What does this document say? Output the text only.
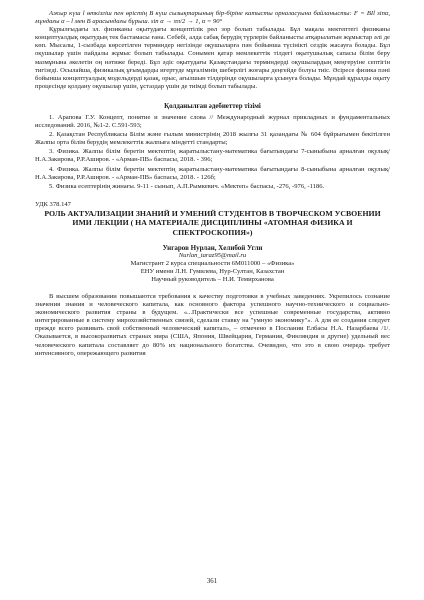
Ажыр күш l өткізгіш пен өрістің B күш сызықтарының бір-біріне катысты орналасуына байланысты: F = BIl sinα, мұндағы α – l мен B арасындағы бұрыш. sin α → ππ/2 → 1, α = 90°

Құрылғыдағы эл. физиканы оқытудағы концептілік рөл зор болып табылады. Бұл мақала мектептегі физиканы концептуалдық оқытудың тек бастамасы ғана. Себебі, алда сабақ берудің түрлерін байланысты атқарылатын жұмыстар әлі де көп. Мысалы, 1-сызбада көрсетілген терминдер негізінде оқушыларға пән бойынша түсінікті сездік жасауға болады. Бұл оқушылар үшін пайдалы жұмыс болып табылады. Сонымен қатар мемлекеттік тілдегі оқытушылық сапасы білім беру мазмұнына әкелетін оң нәтиже береді. Бұл әдіс оқытудағы Қазақстандағы терминдерді оқушылардың меңгеруіне септігін тигізеді. Осылайша, физикалық ұғымдарды игертуде мұғалімнің шеберлігі жоғары деңгейде болуы тиіс. Әсіресе физика пәні бойынша концептуалдық модельдерді қазақ, орыс, ағылшын тілдерінде оқушыларға ұсынуға болады. Мұндай құралды оқыту процесінде қолдану оқушылар үшін, ұстаздар үшін де тиімді болып табылады.

Қолданылған әдебиеттер тізімі

1. Арапова Г.У. Концепт, понятие и значение слова // Международный журнал прикладных и фундаментальных исследований. 2016, №1-2. С.591-593;

2. Қазақстан Республикасы Білім және ғылым министрінің 2018 жылғы 31 қазандағы № 604 бұйрығымен бекітілген Жалпы орта білім берудің мемлекеттік жалпыға міндетті стандарты;

3. Физика. Жалпы білім беретін мектептің жаратылыстану-математика бағытындағы 7-сыныбына арналған оқулық/ Н.А.Закирова, Р.Р.Аширов. - «Арман-ПВ» баспасы, 2018. - 396;

4. Физика. Жалпы білім беретін мектептің жаратылыстану-математика бағытындағы 8-сыныбына арналған оқулық/ Н.А.Закирова, Р.Р.Аширов. - «Арман-ПВ» баспасы, 2018. - 126б;

5. Физика есептерінің жинағы. 9-11 - сынып, А.П.Рымкевич. «Мектеп» баспасы, -276, -976, -1186.

УДК 378.147

РОЛЬ АКТУАЛИЗАЦИИ ЗНАНИЙ И УМЕНИЙ СТУДЕНТОВ В ТВОРЧЕСКОМ УСВОЕНИИ ИМИ ЛЕКЦИИ ( НА МАТЕРИАЛЕ ДИСЦИПЛИНЫ «АТОМНАЯ ФИЗИКА И СПЕКТРОСКОПИЯ»)

Унгаров Нурлан, Хелибой Угли

Nurlan_taraz95@mail.ru

Магистрант 2 курса специальности 6М011000 – «Физика»

ЕНУ имени Л.Н. Гумилева, Нур-Султан, Казахстан

Научный руководитель – Н.И. Темирханова

В высшем образовании повышаются требования к качеству подготовки в учебных заведениях. Укрепилось сознание значения знания и человеческого капитала, как основного фактора успешного научно-технического и социально-экономического развития страны в будущем. «...Практически все успешные современные государства, активно интегрированные в систему мирохозяйственных связей, сделали ставку на "умную экономику"». А для ее создания следует прежде всего развивать свой собственный человеческий капитал», – отмечено в Послании Елбасы Н.А. Назарбаева /1/. Оказывается, в высокоразвитых странах мира (США, Япония, Швейцария, Германия, Финляндия и другие) удельный вес человеческого капитала составляет до 80% их национального богатства. Очевидно, что это в свою очередь требует интенсивного, опережающего развития

361
